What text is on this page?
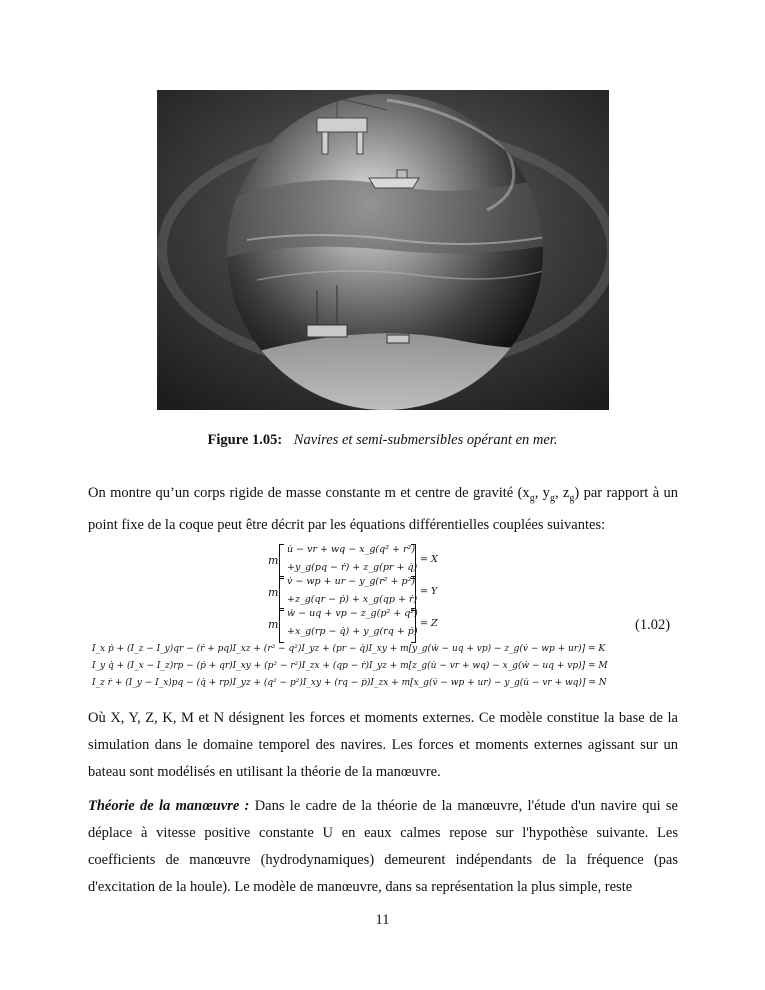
Figure 1.05: Navires et semi-submersibles opérant en mer.
On montre qu’un corps rigide de masse constante m et centre de gravité ($x_g$, $y_g$, $z_g$) par rapport à un point fixe de la coque peut être décrit par les équations différentielles couplées suivantes:
m
u̇ − vr + wq − x_g(q² + r²)
+y_g(pq − ṙ) + z_g(pr + q̇)
= X
m
v̇ − wp + ur − y_g(r² + p²)
+z_g(qr − ṗ) + x_g(qp + ṙ)
= Y
m
ẇ − uq + vp − z_g(p² + q²)
+x_g(rp − q̇) + y_g(rq + ṗ)
= Z	(1.02)
I_x ṗ + (I_z − I_y)qr − (ṙ + pq)I_xz + (r² − q²)I_yz + (pr − q̇)I_xy + m[y_g(ẇ − uq + vp) − z_g(v̇ − wp + ur)] = K
I_y q̇ + (I_x − I_z)rp − (ṗ + qr)I_xy + (p² − r²)I_zx + (qp − ṙ)I_yz + m[z_g(u̇ − vr + wq) − x_g(ẇ − uq + vp)] = M
I_z ṙ + (I_y − I_x)pq − (q̇ + rp)I_yz + (q² − p²)I_xy + (rq − ṗ)I_zx + m[x_g(v̇ − wp + ur) − y_g(u̇ − vr + wq)] = N
Où X, Y, Z, K, M et N désignent les forces et moments externes. Ce modèle constitue la base de la simulation dans le domaine temporel des navires. Les forces et moments externes agissant sur un bateau sont modélisés en utilisant la théorie de la manœuvre.
Théorie de la manœuvre : Dans le cadre de la théorie de la manœuvre, l'étude d'un navire qui se déplace à vitesse positive constante U en eaux calmes repose sur l'hypothèse suivante. Les coefficients de manœuvre (hydrodynamiques) demeurent indépendants de la fréquence (pas d'excitation de la houle). Le modèle de manœuvre, dans sa représentation la plus simple, reste
11
